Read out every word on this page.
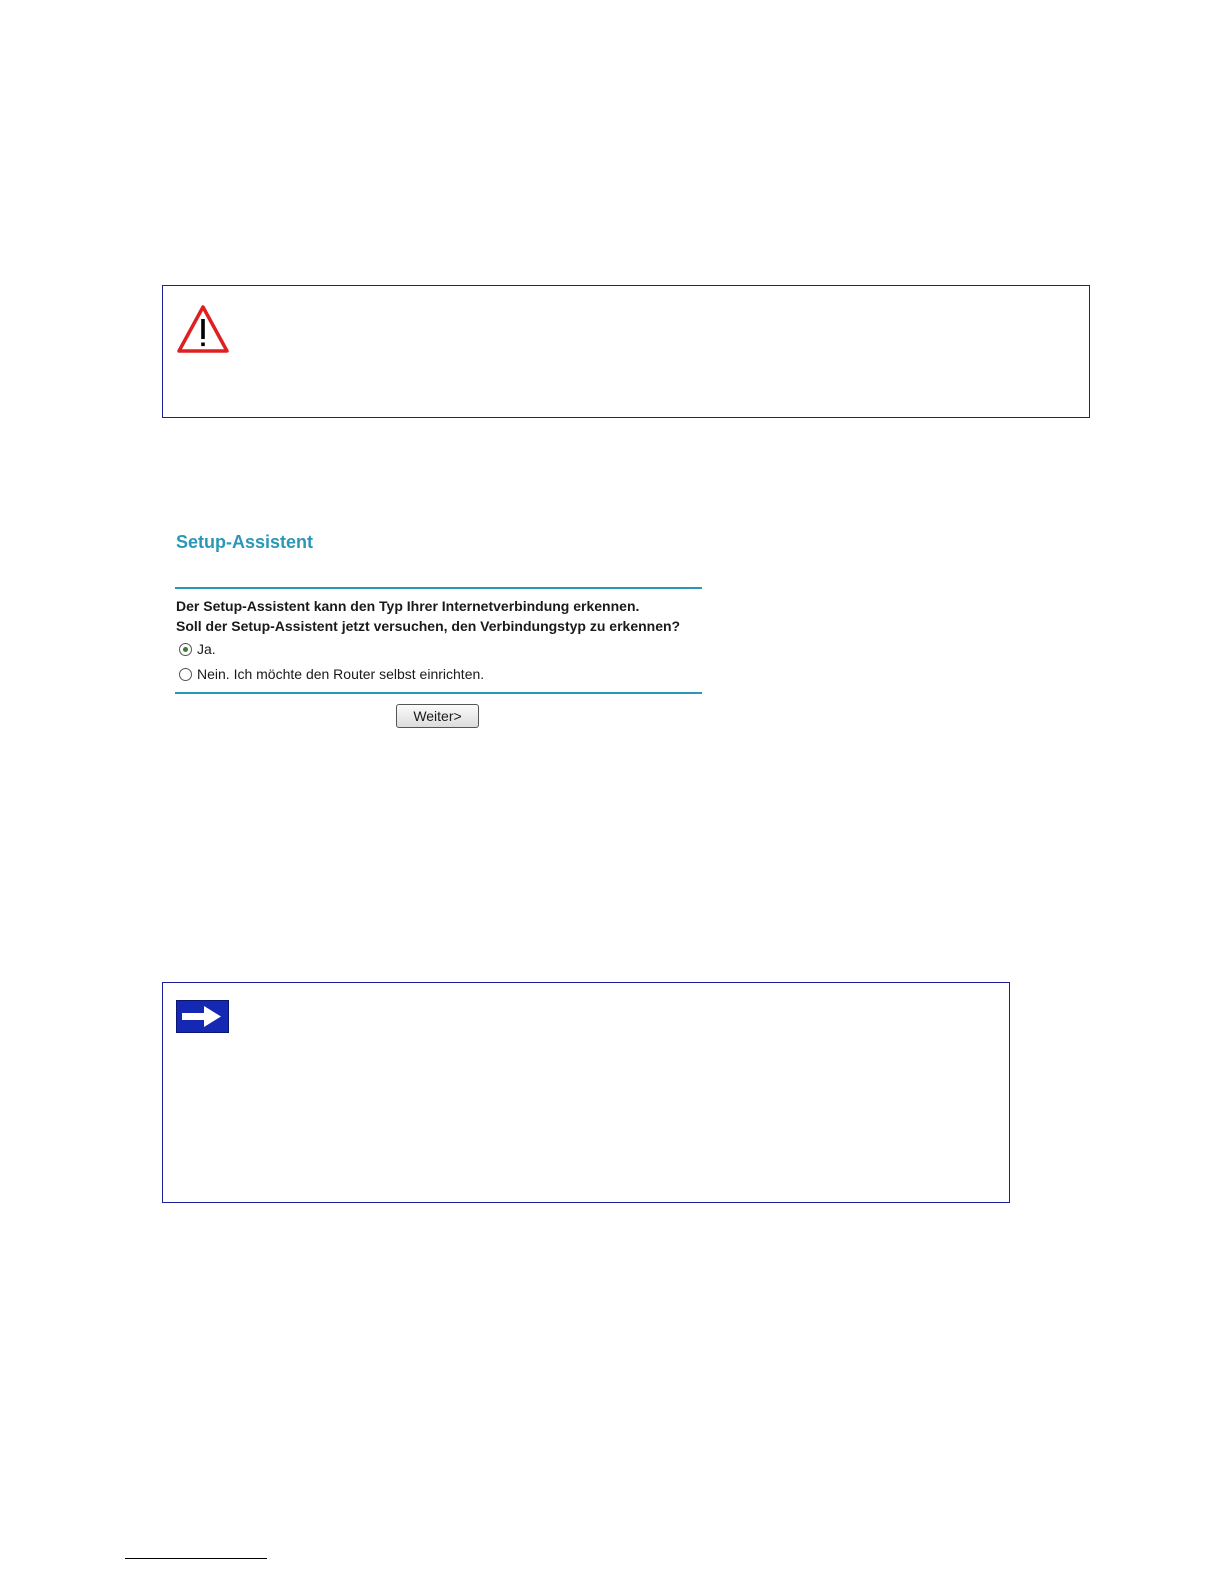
Setup-Assistent

Der Setup-Assistent kann den Typ Ihrer Internetverbindung erkennen.

Soll der Setup-Assistent jetzt versuchen, den Verbindungstyp zu erkennen?

Ja.
Nein. Ich möchte den Router selbst einrichten.
Weiter>
